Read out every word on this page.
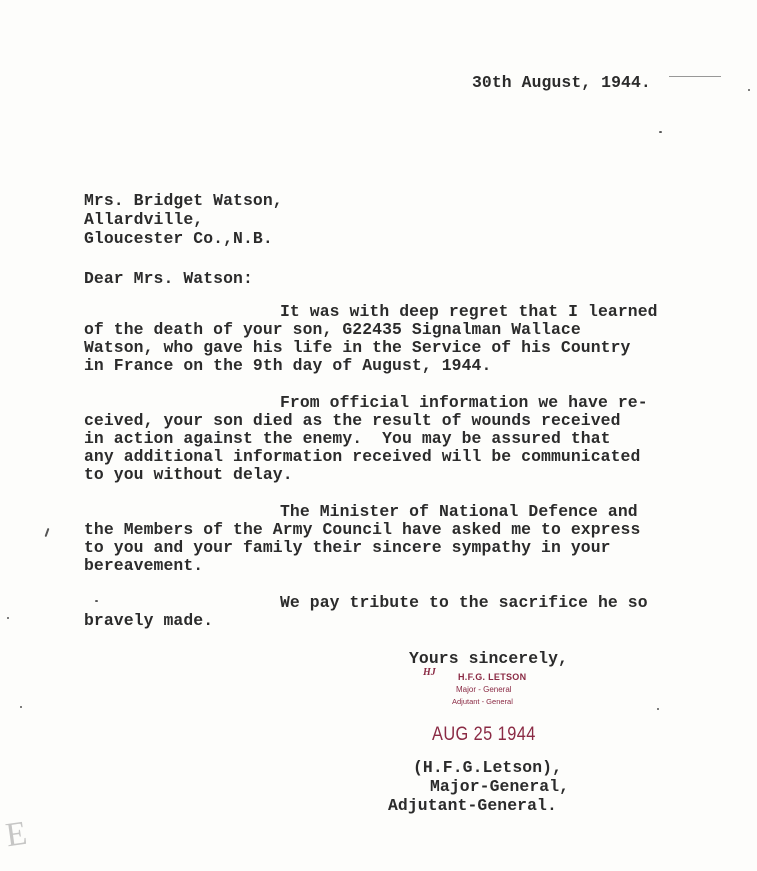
30th August, 1944.
Mrs. Bridget Watson,
Allardville,
Gloucester Co.,N.B.
Dear Mrs. Watson:
It was with deep regret that I learned
of the death of your son, G22435 Signalman Wallace
Watson, who gave his life in the Service of his Country
in France on the 9th day of August, 1944.
From official information we have re-
ceived, your son died as the result of wounds received
in action against the enemy.  You may be assured that
any additional information received will be communicated
to you without delay.
The Minister of National Defence and
the Members of the Army Council have asked me to express
to you and your family their sincere sympathy in your
bereavement.
We pay tribute to the sacrifice he so
bravely made.
Yours sincerely,
HJ H.F.G. LETSON
Major - General
Adjutant - General
AUG 25 1944
(H.F.G.Letson),
Major-General,
Adjutant-General.
E
